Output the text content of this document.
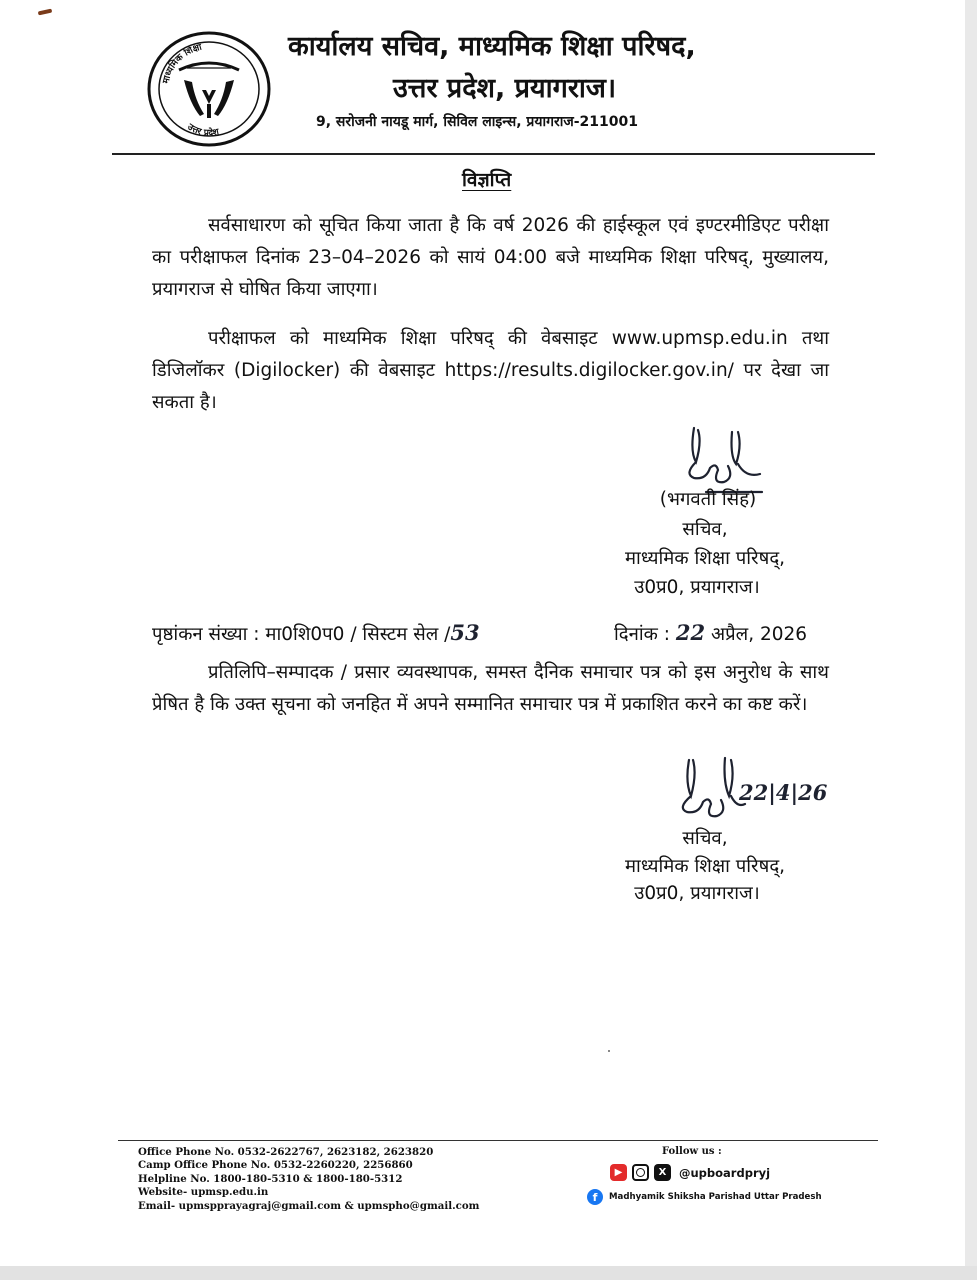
माध्यमिक शिक्षा
उत्तर प्रदेश
कार्यालय सचिव, माध्यमिक शिक्षा परिषद,
उत्तर प्रदेश, प्रयागराज।
9, सरोजनी नायडू मार्ग, सिविल लाइन्स, प्रयागराज-211001
विज्ञप्ति
सर्वसाधारण को सूचित किया जाता है कि वर्ष 2026 की हाईस्कूल एवं इण्टरमीडिएट परीक्षा का परीक्षाफल दिनांक 23–04–2026 को सायं 04:00 बजे माध्यमिक शिक्षा परिषद्, मुख्यालय, प्रयागराज से घोषित किया जाएगा।
परीक्षाफल को माध्यमिक शिक्षा परिषद् की वेबसाइट www.upmsp.edu.in तथा डिजिलॉकर (Digilocker) की वेबसाइट https://results.digilocker.gov.in/ पर देखा जा सकता है।
(भगवती सिंह)
सचिव,
माध्यमिक शिक्षा परिषद्,
उ0प्र0, प्रयागराज।
पृष्ठांकन संख्या : मा0शि0प0 / सिस्टम सेल /53	दिनांक : 22 अप्रैल, 2026
प्रतिलिपि–सम्पादक / प्रसार व्यवस्थापक, समस्त दैनिक समाचार पत्र को इस अनुरोध के साथ प्रेषित है कि उक्त सूचना को जनहित में अपने सम्मानित समाचार पत्र में प्रकाशित करने का कष्ट करें।
22|4|26
सचिव,
माध्यमिक शिक्षा परिषद्,
उ0प्र0, प्रयागराज।
Office Phone No. 0532-2622767, 2623182, 2623820
Camp Office Phone No. 0532-2260220, 2256860
Helpline No. 1800-180-5310 & 1800-180-5312
Website- upmsp.edu.in
Email- upmspprayagraj@gmail.com & upmspho@gmail.com
Follow us :
▶	X	@upboardpryj
f	Madhyamik Shiksha Parishad Uttar Pradesh
